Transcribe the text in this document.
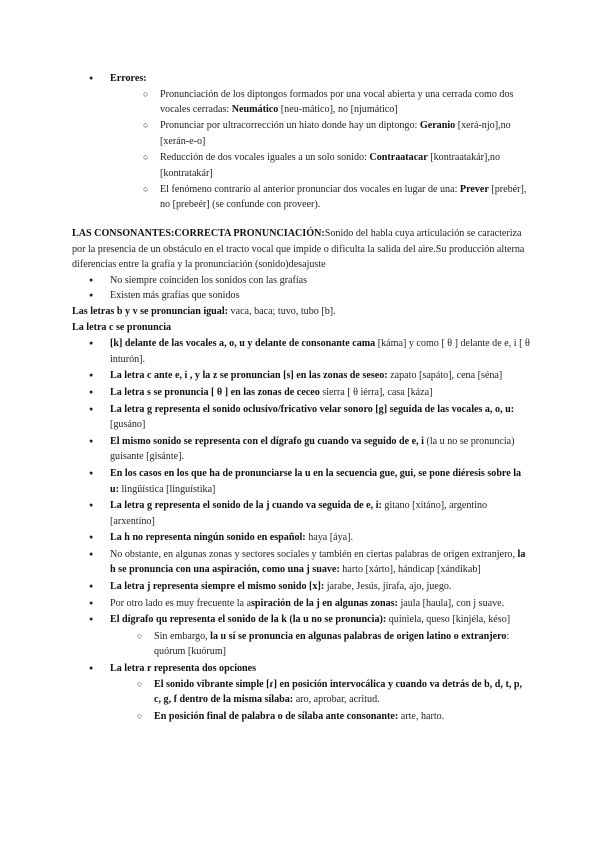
● Errores:
○ Pronunciación de los diptongos formados por una vocal abierta y una cerrada como dos vocales cerradas: Neumático [neu-mático], no [njumático]
○ Pronunciar por ultracorrección un hiato donde hay un diptongo: Geranio [xerá-njo],no [xerán-e-o]
○ Reducción de dos vocales iguales a un solo sonido: Contraatacar [kontraatakár],no [kontratakár]
○ El fenómeno contrario al anterior pronunciar dos vocales en lugar de una: Prever [prebér], no [prebeér] (se confunde con proveer).

LAS CONSONANTES:CORRECTA PRONUNCIACIÓN:Sonido del habla cuya articulación se caracteriza por la presencia de un obstáculo en el tracto vocal que impide o dificulta la salida del aire.Su producción alterna diferencias entre la grafía y la pronunciación (sonido)desajuste

● No siempre coinciden los sonidos con las grafías
● Existen más grafías que sonidos

Las letras b y v se pronuncian igual: vaca, baca; tuvo, tubo [b].

La letra c se pronuncia

● [k] delante de las vocales a, o, u y delante de consonante cama [káma] y como [ θ ] delante de e, i [ θ inturón].
● La letra c ante e, i , y la z se pronuncian [s] en las zonas de seseo: zapato [sapáto], cena [séna]
● La letra s se pronuncia [ θ ] en las zonas de ceceo sierra [ θ iérra], casa [káza]
● La letra g representa el sonido oclusivo/fricativo velar sonoro [g] seguida de las vocales a, o, u: [gusáno]
● El mismo sonido se representa con el dígrafo gu cuando va seguido de e, i (la u no se pronuncia) guisante [gisánte].
● En los casos en los que ha de pronunciarse la u en la secuencia gue, gui, se pone diéresis sobre la u: lingüística [linguístika]
● La letra g representa el sonido de la j cuando va seguida de e, i: gitano [xitáno], argentino [arxentíno]
● La h no representa ningún sonido en español: haya [áya].
● No obstante, en algunas zonas y sectores sociales y también en ciertas palabras de origen extranjero, la h se pronuncia con una aspiración, como una j suave: harto [xárto], hándicap [xándikab]
● La letra j representa siempre el mismo sonido [x]: jarabe, Jesús, jirafa, ajo, juego.
● Por otro lado es muy frecuente la aspiración de la j en algunas zonas: jaula [haula], con j suave.
● El dígrafo qu representa el sonido de la k (la u no se pronuncia): quiniela, queso [kinjéla, késo]
○ Sin embargo, la u sí se pronuncia en algunas palabras de origen latino o extranjero: quórum [kuórum]
● La letra r representa dos opciones
○ El sonido vibrante simple [ɾ] en posición intervocálica y cuando va detrás de b, d, t, p, c, g, f dentro de la misma sílaba: aro, aprobar, acritud.
○ En posición final de palabra o de sílaba ante consonante: arte, harto.
